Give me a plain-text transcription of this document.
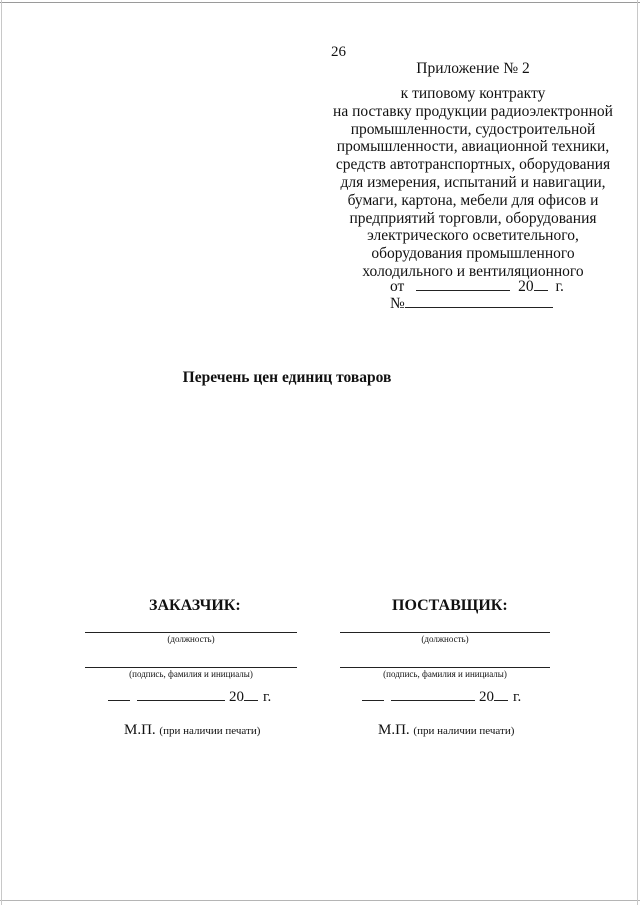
26
Приложение № 2
к типовому контракту
на поставку продукции радиоэлектронной
промышленности, судостроительной
промышленности, авиационной техники,
средств автотранспортных, оборудования
для измерения, испытаний и навигации,
бумаги, картона, мебели для офисов и
предприятий торговли, оборудования
электрического осветительного,
оборудования промышленного
холодильного и вентиляционного
от	20 г.
№
Перечень цен единиц товаров
ЗАКАЗЧИК:
(должность)
(подпись, фамилия и инициалы)
20 г.
М.П. (при наличии печати)
ПОСТАВЩИК:
(должность)
(подпись, фамилия и инициалы)
20 г.
М.П. (при наличии печати)
